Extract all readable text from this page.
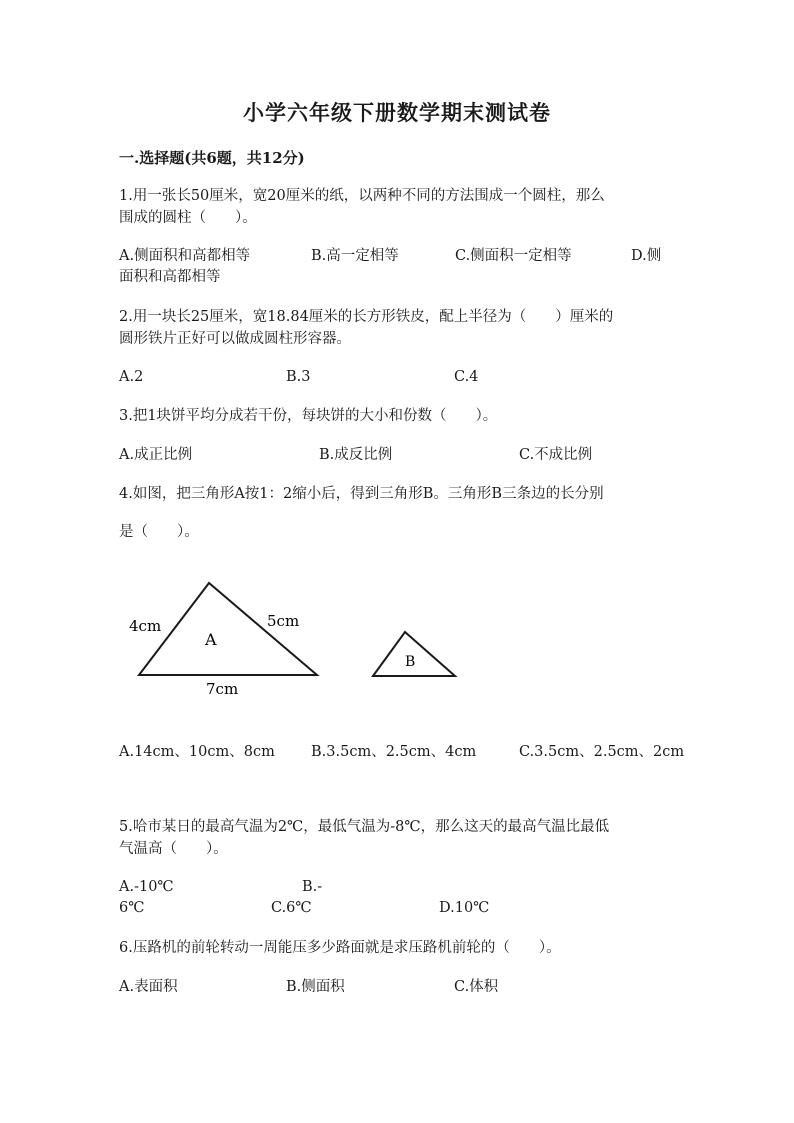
小学六年级下册数学期末测试卷
一.选择题(共6题，共12分)
1.用一张长50厘米，宽20厘米的纸，以两种不同的方法围成一个圆柱，那么
围成的圆柱（　　）。
A.侧面积和高都相等	B.高一定相等	C.侧面积一定相等	D.侧
面积和高都相等
2.用一块长25厘米，宽18.84厘米的长方形铁皮，配上半径为（　　）厘米的
圆形铁片正好可以做成圆柱形容器。
A.2	B.3	C.4
3.把1块饼平均分成若干份，每块饼的大小和份数（　　）。
A.成正比例	B.成反比例	C.不成比例
4.如图，把三角形A按1：2缩小后，得到三角形B。三角形B三条边的长分别
是（　　）。
4cm	5cm
7cm
A
B
A.14cm、10cm、8cm B.3.5cm、2.5cm、4cm	C.3.5cm、2.5cm、2cm
5.哈市某日的最高气温为2℃，最低气温为-8℃，那么这天的最高气温比最低
气温高（　　）。
A.-10℃	B.-
6℃	C.6℃	D.10℃
6.压路机的前轮转动一周能压多少路面就是求压路机前轮的（　　）。
A.表面积	B.侧面积	C.体积
